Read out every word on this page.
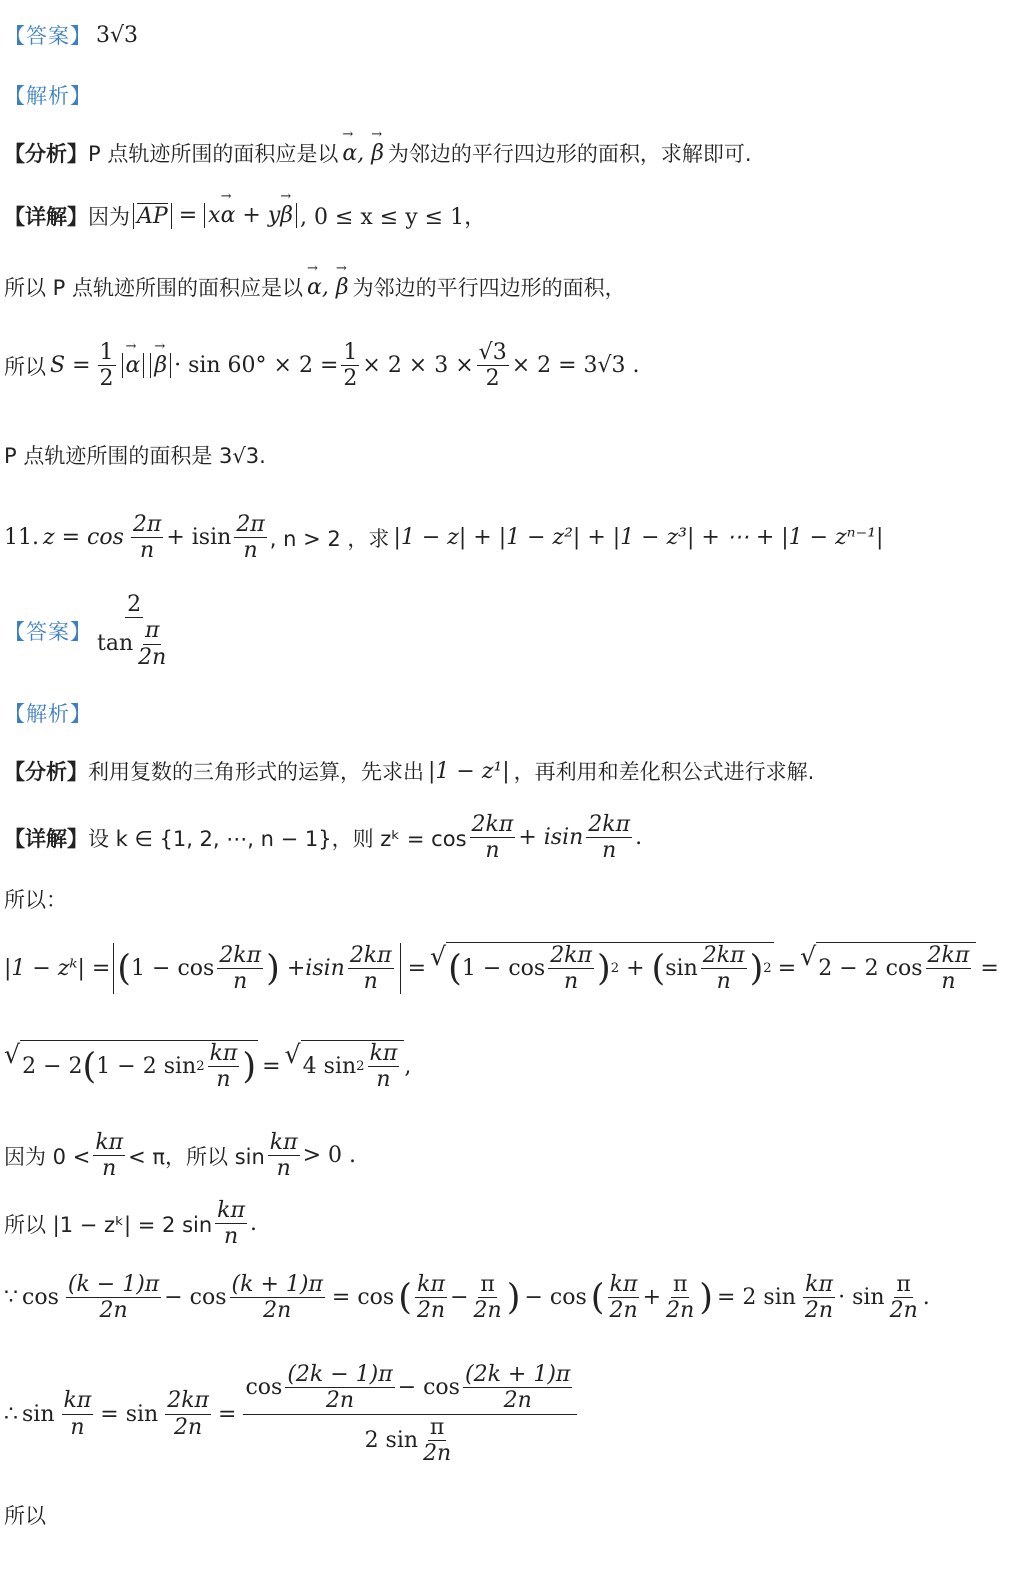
【答案】 3√3
【解析】
【分析】 P 点轨迹所围的面积应是以
→ α, → β 为邻边的平行四边形的面积，求解即可.
【详解】 因为 AP = x
→ α + y
→ β , 0 ≤ x ≤ y ≤ 1，
所以 P 点轨迹所围的面积应是以
→ α, → β 为邻边的平行四边形的面积，
所以 $S = \frac{1}{2}$
→ α
→ $\beta \cdot \sin 60^\circ \times 2 = \frac{1}{2} \times 2 \times 3 \times \frac{√3}{2} \times 2 = 3√3$ .
P 点轨迹所围的面积是 3√3.
11. $z = \cos \frac{2\pi}{n} + isin \frac{2\pi}{n}$ , n > 2 ，求 |1 − z| + |1 − z²| + |1 − z³| + ⋯ + |1 − zⁿ⁻¹|
【答案】 $\frac{2}{\tan \frac{\pi}{2n}}$
【解析】
【分析】 利用复数的三角形式的运算，先求出 |1 − z¹| ，再利用和差化积公式进行求解.
【详解】 设 k ∈ {1, 2, ⋯, n − 1}，则 zᵏ = $\cos \frac{2k\pi}{n} + isin \frac{2k\pi}{n}$ .
所以：
|1 − zᵏ| = ( $1 - \cos \frac{2k\pi}{n}$ ) + isin $\frac{2k\pi}{n}$ = √ ( $1 - \cos \frac{2k\pi}{n}$ ) 2 + ( $\sin \frac{2k\pi}{n}$ ) 2 = √ 2 − 2 $\cos \frac{2k\pi}{n}$ =
√ 2 − 2 ( 1 − 2 $\sin 2 \frac{k\pi}{n}$ ) = √ 4 $\sin 2 \frac{k\pi}{n}$ ,
因为 $0 < \frac{k\pi}{n} < \pi$，所以 $\sin \frac{k\pi}{n} > 0$ .
所以 |1 − zᵏ| = 2 $\sin \frac{k\pi}{n}$ .
∵ $\cos \frac{(k - 1)\pi}{2n} - \cos \frac{(k + 1)\pi}{2n} = \cos$ ( $\frac{k\pi}{2n} - \frac{\pi}{2n}$ ) − cos ( $\frac{k\pi}{2n} + \frac{\pi}{2n}$ ) = 2 $\sin \frac{k\pi}{2n} \cdot \sin \frac{\pi}{2n}$ .
∴ $\sin \frac{k\pi}{n} = \sin \frac{2k\pi}{2n} = \frac{\cos \frac{(2k - 1)\pi}{2n} - \cos \frac{(2k + 1)\pi}{2n}}{2 \sin \frac{\pi}{2n}}$
所以
